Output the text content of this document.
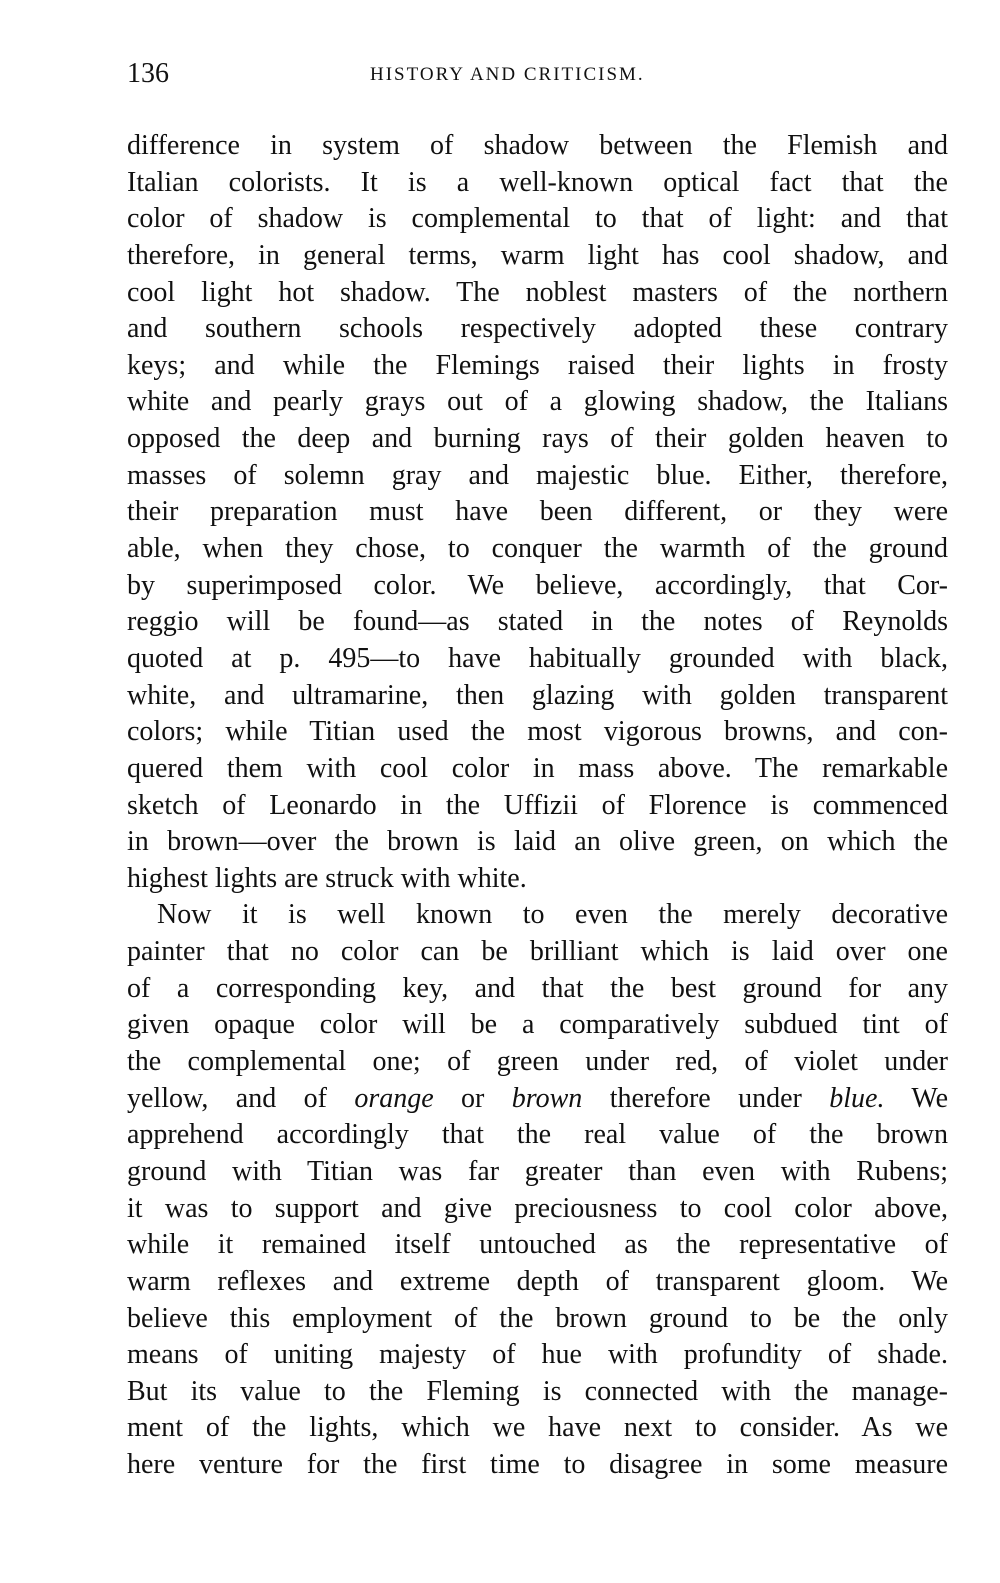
136	HISTORY AND CRITICISM.
difference in system of shadow between the Flemish and
Italian colorists. It is a well-known optical fact that the
color of shadow is complemental to that of light: and that
therefore, in general terms, warm light has cool shadow, and
cool light hot shadow. The noblest masters of the northern
and southern schools respectively adopted these contrary
keys; and while the Flemings raised their lights in frosty
white and pearly grays out of a glowing shadow, the Italians
opposed the deep and burning rays of their golden heaven to
masses of solemn gray and majestic blue. Either, therefore,
their preparation must have been different, or they were
able, when they chose, to conquer the warmth of the ground
by superimposed color. We believe, accordingly, that Cor-
reggio will be found—as stated in the notes of Reynolds
quoted at p. 495—to have habitually grounded with black,
white, and ultramarine, then glazing with golden transparent
colors; while Titian used the most vigorous browns, and con-
quered them with cool color in mass above. The remarkable
sketch of Leonardo in the Uffizii of Florence is commenced
in brown—over the brown is laid an olive green, on which the
highest lights are struck with white.
Now it is well known to even the merely decorative
painter that no color can be brilliant which is laid over one
of a corresponding key, and that the best ground for any
given opaque color will be a comparatively subdued tint of
the complemental one; of green under red, of violet under
yellow, and of orange or brown therefore under blue. We
apprehend accordingly that the real value of the brown
ground with Titian was far greater than even with Rubens;
it was to support and give preciousness to cool color above,
while it remained itself untouched as the representative of
warm reflexes and extreme depth of transparent gloom. We
believe this employment of the brown ground to be the only
means of uniting majesty of hue with profundity of shade.
But its value to the Fleming is connected with the manage-
ment of the lights, which we have next to consider. As we
here venture for the first time to disagree in some measure
